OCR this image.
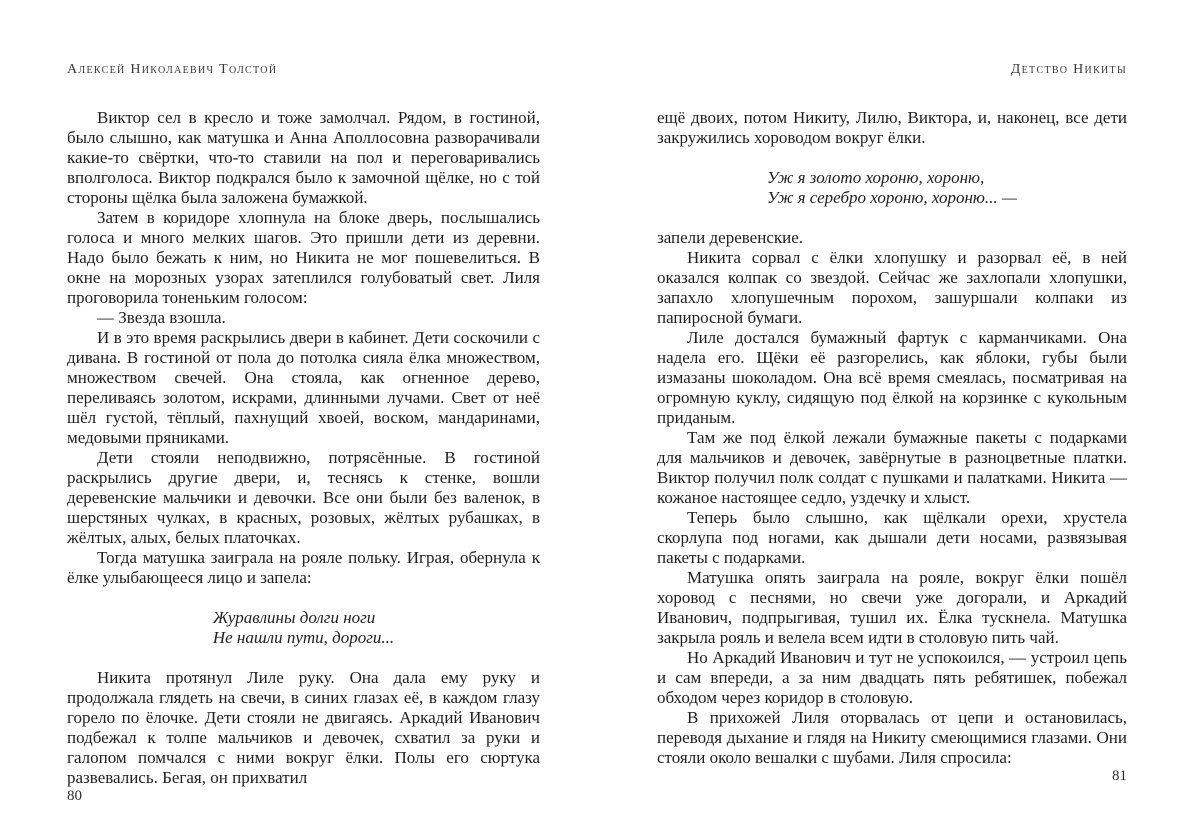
Алексей Николаевич Толстой

Виктор сел в кресло и тоже замолчал. Рядом, в гостиной, было слышно, как матушка и Анна Аполлосовна разворачивали какие-то свёртки, что-то ставили на пол и переговаривались вполголоса. Виктор подкрался было к замочной щёлке, но с той стороны щёлка была заложена бумажкой.

Затем в коридоре хлопнула на блоке дверь, послышались голоса и много мелких шагов. Это пришли дети из деревни. Надо было бежать к ним, но Никита не мог пошевелиться. В окне на морозных узорах затеплился голубоватый свет. Лиля проговорила тоненьким голосом:

— Звезда взошла.

И в это время раскрылись двери в кабинет. Дети соскочили с дивана. В гостиной от пола до потолка сияла ёлка множеством, множеством свечей. Она стояла, как огненное дерево, переливаясь золотом, искрами, длинными лучами. Свет от неё шёл густой, тёплый, пахнущий хвоей, воском, мандаринами, медовыми пряниками.

Дети стояли неподвижно, потрясённые. В гостиной раскрылись другие двери, и, теснясь к стенке, вошли деревенские мальчики и девочки. Все они были без валенок, в шерстяных чулках, в красных, розовых, жёлтых рубашках, в жёлтых, алых, белых платочках.

Тогда матушка заиграла на рояле польку. Играя, обернула к ёлке улыбающееся лицо и запела:

Журавлины долги ноги
Не нашли пути, дороги...

Никита протянул Лиле руку. Она дала ему руку и продолжала глядеть на свечи, в синих глазах её, в каждом глазу горело по ёлочке. Дети стояли не двигаясь. Аркадий Иванович подбежал к толпе мальчиков и девочек, схватил за руки и галопом помчался с ними вокруг ёлки. Полы его сюртука развевались. Бегая, он прихватил

80
Детство Никиты

ещё двоих, потом Никиту, Лилю, Виктора, и, наконец, все дети закружились хороводом вокруг ёлки.

Уж я золото хороню, хороню,
Уж я серебро хороню, хороню... —

запели деревенские.

Никита сорвал с ёлки хлопушку и разорвал её, в ней оказался колпак со звездой. Сейчас же захлопали хлопушки, запахло хлопушечным порохом, зашуршали колпаки из папиросной бумаги.

Лиле достался бумажный фартук с карманчиками. Она надела его. Щёки её разгорелись, как яблоки, губы были измазаны шоколадом. Она всё время смеялась, посматривая на огромную куклу, сидящую под ёлкой на корзинке с кукольным приданым.

Там же под ёлкой лежали бумажные пакеты с подарками для мальчиков и девочек, завёрнутые в разноцветные платки. Виктор получил полк солдат с пушками и палатками. Никита — кожаное настоящее седло, уздечку и хлыст.

Теперь было слышно, как щёлкали орехи, хрустела скорлупа под ногами, как дышали дети носами, развязывая пакеты с подарками.

Матушка опять заиграла на рояле, вокруг ёлки пошёл хоровод с песнями, но свечи уже догорали, и Аркадий Иванович, подпрыгивая, тушил их. Ёлка тускнела. Матушка закрыла рояль и велела всем идти в столовую пить чай.

Но Аркадий Иванович и тут не успокоился, — устроил цепь и сам впереди, а за ним двадцать пять ребятишек, побежал обходом через коридор в столовую.

В прихожей Лиля оторвалась от цепи и остановилась, переводя дыхание и глядя на Никиту смеющимися глазами. Они стояли около вешалки с шубами. Лиля спросила:

81
